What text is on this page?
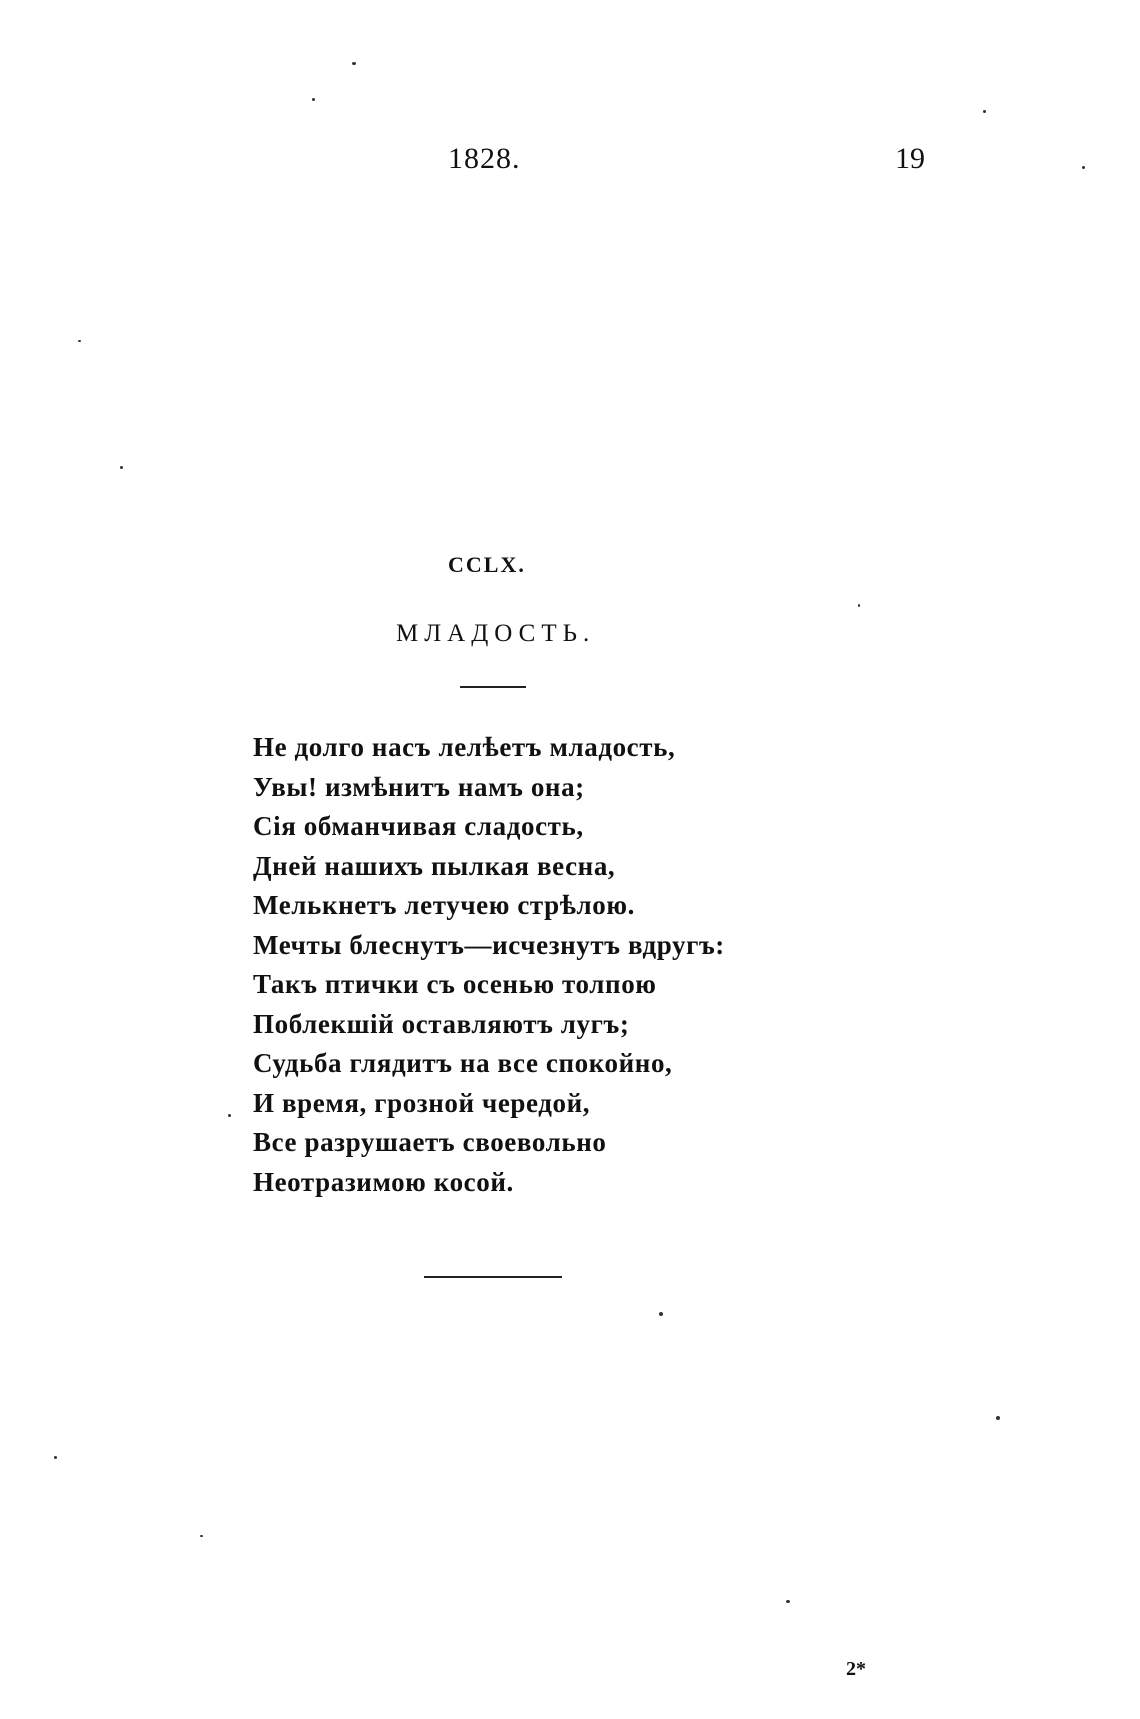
1828.	19
CCLX.
МЛАДОСТЬ.
Не долго насъ лелѣетъ младость,
Увы! измѣнитъ намъ она;
Сія обманчивая сладость,
Дней нашихъ пылкая весна,
Мелькнетъ летучею стрѣлою.
Мечты блеснутъ—исчезнутъ вдругъ:
Такъ птички съ осенью толпою
Поблекшій оставляютъ лугъ;
Судьба глядитъ на все спокойно,
И время, грозной чередой,
Все разрушаетъ своевольно
Неотразимою косой.
2*
